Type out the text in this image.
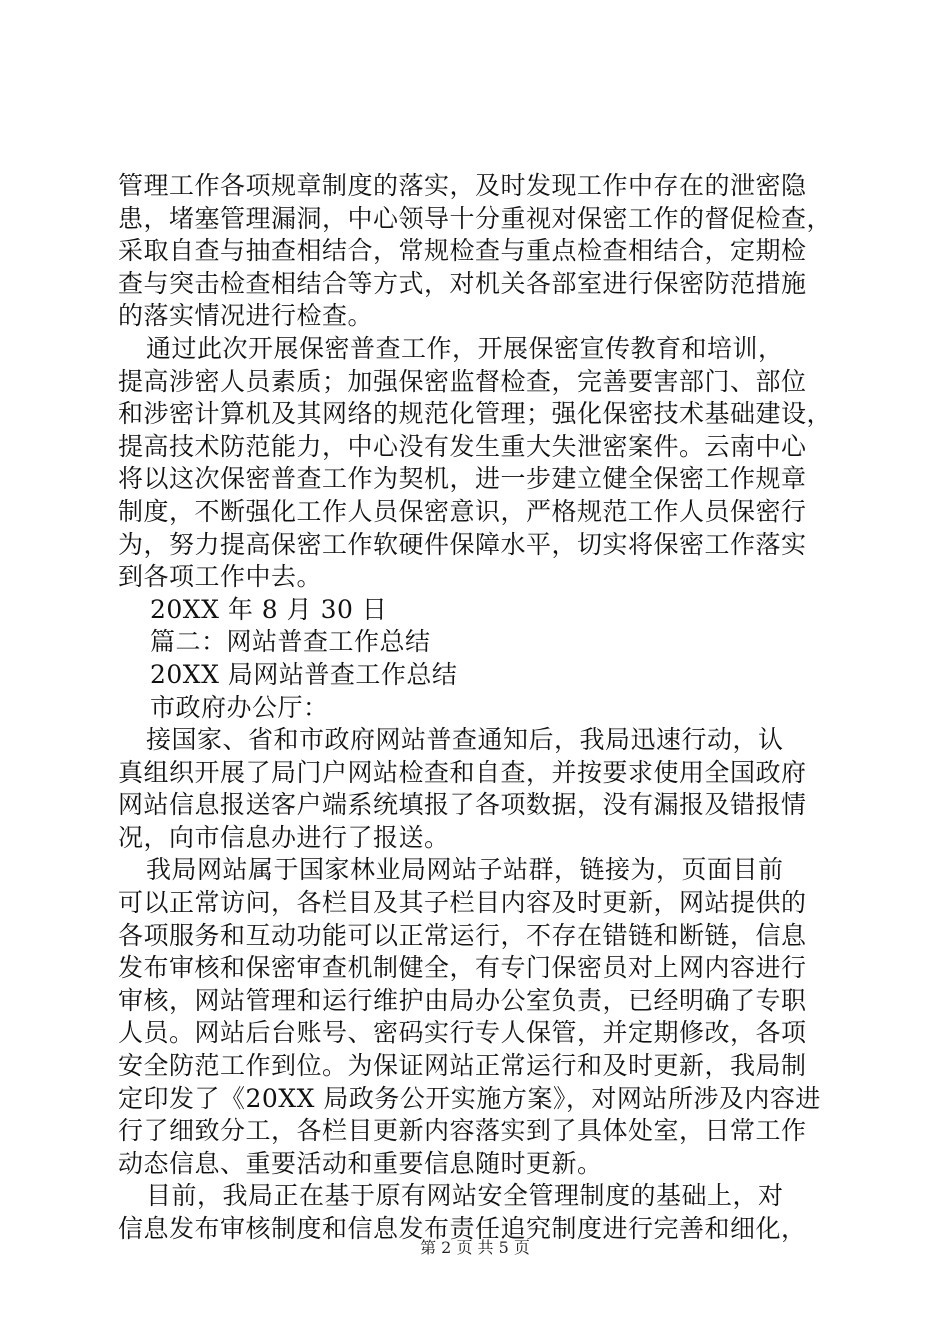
管理工作各项规章制度的落实，及时发现工作中存在的泄密隐
患，堵塞管理漏洞，中心领导十分重视对保密工作的督促检查，
采取自查与抽查相结合，常规检查与重点检查相结合，定期检
查与突击检查相结合等方式，对机关各部室进行保密防范措施
的落实情况进行检查。
通过此次开展保密普查工作，开展保密宣传教育和培训，
提高涉密人员素质；加强保密监督检查，完善要害部门、部位
和涉密计算机及其网络的规范化管理；强化保密技术基础建设，
提高技术防范能力，中心没有发生重大失泄密案件。云南中心
将以这次保密普查工作为契机，进一步建立健全保密工作规章
制度，不断强化工作人员保密意识，严格规范工作人员保密行
为，努力提高保密工作软硬件保障水平，切实将保密工作落实
到各项工作中去。
20XX 年 8 月 30 日
篇二：网站普查工作总结
20XX 局网站普查工作总结
市政府办公厅：
接国家、省和市政府网站普查通知后，我局迅速行动，认
真组织开展了局门户网站检查和自查，并按要求使用全国政府
网站信息报送客户端系统填报了各项数据，没有漏报及错报情
况，向市信息办进行了报送。
我局网站属于国家林业局网站子站群，链接为，页面目前
可以正常访问，各栏目及其子栏目内容及时更新，网站提供的
各项服务和互动功能可以正常运行，不存在错链和断链，信息
发布审核和保密审查机制健全，有专门保密员对上网内容进行
审核，网站管理和运行维护由局办公室负责，已经明确了专职
人员。网站后台账号、密码实行专人保管，并定期修改，各项
安全防范工作到位。为保证网站正常运行和及时更新，我局制
定印发了《20XX 局政务公开实施方案》，对网站所涉及内容进
行了细致分工，各栏目更新内容落实到了具体处室，日常工作
动态信息、重要活动和重要信息随时更新。
目前，我局正在基于原有网站安全管理制度的基础上，对
信息发布审核制度和信息发布责任追究制度进行完善和细化，
第 2 页 共 5 页
